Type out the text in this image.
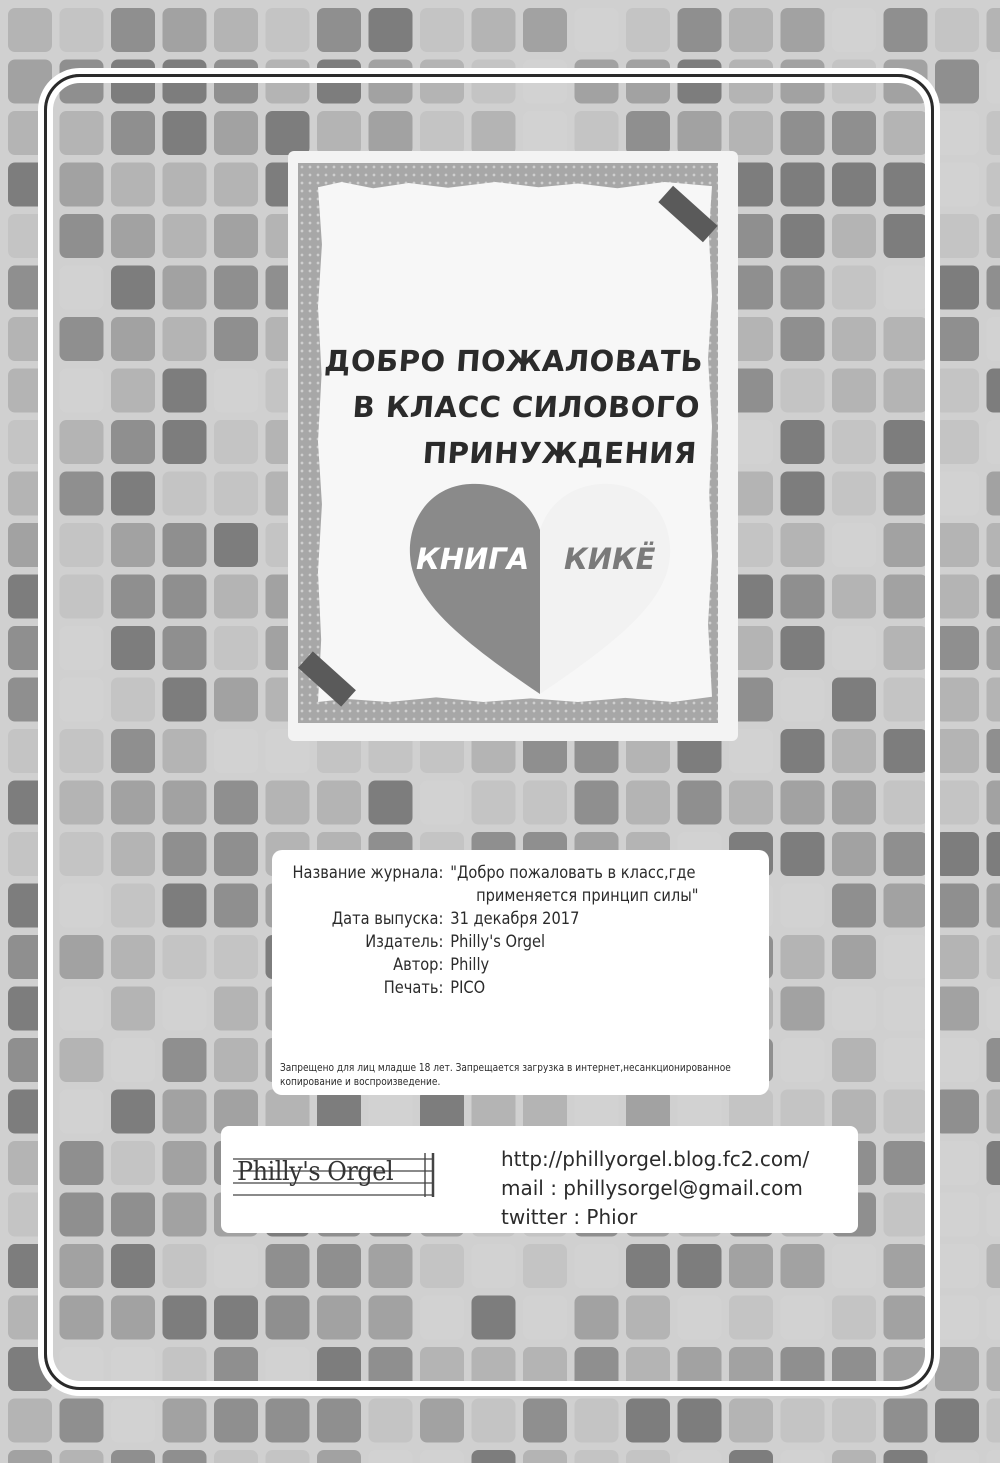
ДОБРО ПОЖАЛОВАТЬ
В КЛАСС СИЛОВОГО
ПРИНУЖДЕНИЯ
КНИГА КИКЁ
Название журнала: "Добро пожаловать в класс,где
применяется принцип силы"
Дата выпуска: 31 декабря 2017
Издатель: Philly's Orgel
Автор: Philly
Печать: PICO
Запрещено для лиц младше 18 лет. Запрещается загрузка в интернет,несанкционированное копирование и воспроизведение.
Philly's Orgel	http://phillyorgel.blog.fc2.com/
mail : phillysorgel@gmail.com
twitter : Phior
